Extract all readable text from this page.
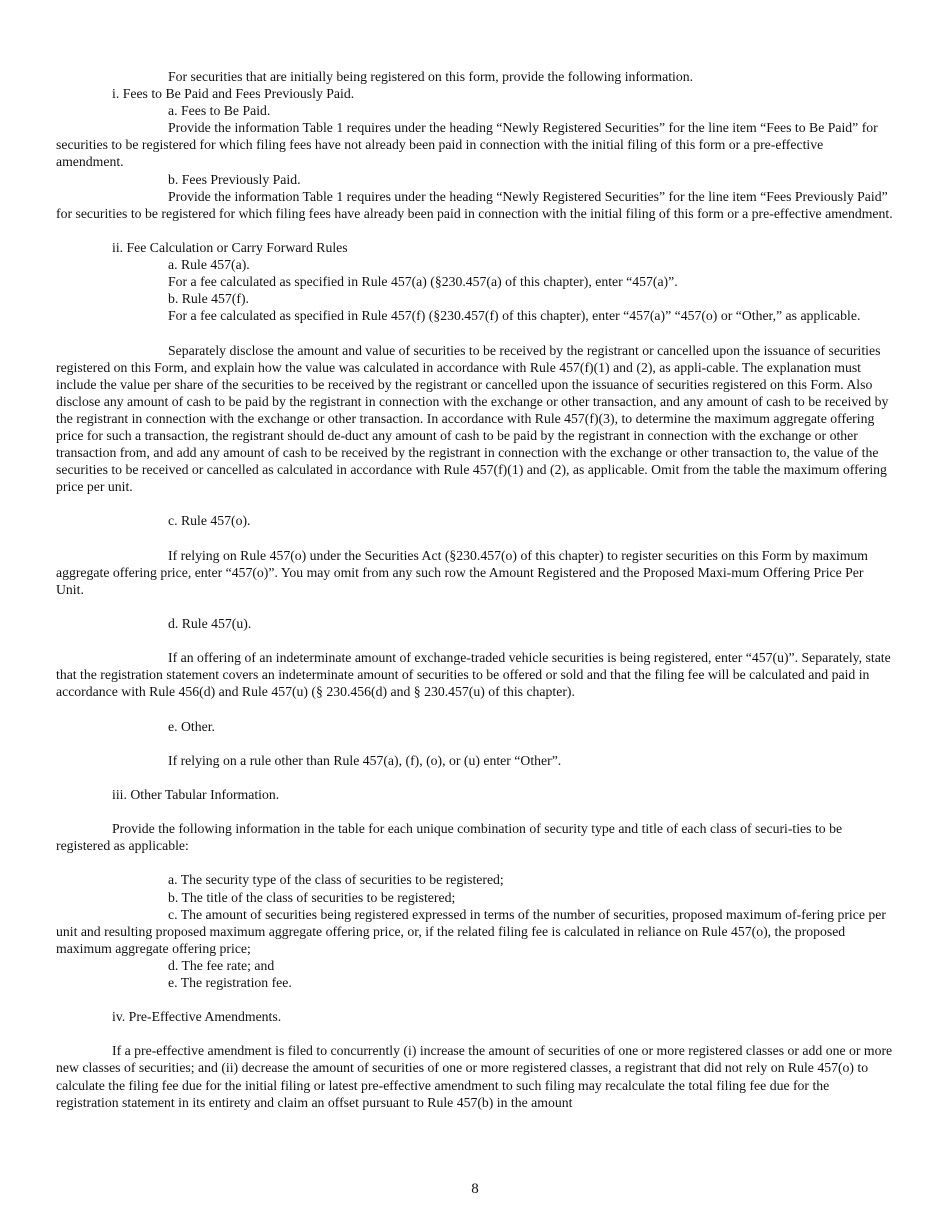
For securities that are initially being registered on this form, provide the following information.

i. Fees to Be Paid and Fees Previously Paid.

a. Fees to Be Paid.

Provide the information Table 1 requires under the heading “Newly Registered Securities” for the line item “Fees to Be Paid” for securities to be registered for which filing fees have not already been paid in connection with the initial filing of this form or a pre-effective amendment.

b. Fees Previously Paid.

Provide the information Table 1 requires under the heading “Newly Registered Securities” for the line item “Fees Previously Paid” for securities to be registered for which filing fees have already been paid in connection with the initial filing of this form or a pre-effective amendment.

ii. Fee Calculation or Carry Forward Rules

a. Rule 457(a).

For a fee calculated as specified in Rule 457(a) (§230.457(a) of this chapter), enter “457(a)”.

b. Rule 457(f).

For a fee calculated as specified in Rule 457(f) (§230.457(f) of this chapter), enter “457(a)” “457(o) or “Other,” as applicable.

Separately disclose the amount and value of securities to be received by the registrant or cancelled upon the issuance of securities registered on this Form, and explain how the value was calculated in accordance with Rule 457(f)(1) and (2), as appli-cable. The explanation must include the value per share of the securities to be received by the registrant or cancelled upon the issuance of securities registered on this Form. Also disclose any amount of cash to be paid by the registrant in connection with the exchange or other transaction, and any amount of cash to be received by the registrant in connection with the exchange or other transaction. In accordance with Rule 457(f)(3), to determine the maximum aggregate offering price for such a transaction, the registrant should de-duct any amount of cash to be paid by the registrant in connection with the exchange or other transaction from, and add any amount of cash to be received by the registrant in connection with the exchange or other transaction to, the value of the securities to be received or cancelled as calculated in accordance with Rule 457(f)(1) and (2), as applicable. Omit from the table the maximum offering price per unit.

c. Rule 457(o).

If relying on Rule 457(o) under the Securities Act (§230.457(o) of this chapter) to register securities on this Form by maximum aggregate offering price, enter “457(o)”. You may omit from any such row the Amount Registered and the Proposed Maxi-mum Offering Price Per Unit.

d. Rule 457(u).

If an offering of an indeterminate amount of exchange-traded vehicle securities is being registered, enter “457(u)”. Separately, state that the registration statement covers an indeterminate amount of securities to be offered or sold and that the filing fee will be calculated and paid in accordance with Rule 456(d) and Rule 457(u) (§ 230.456(d) and § 230.457(u) of this chapter).

e. Other.

If relying on a rule other than Rule 457(a), (f), (o), or (u) enter “Other”.

iii. Other Tabular Information.

Provide the following information in the table for each unique combination of security type and title of each class of securi-ties to be registered as applicable:

a. The security type of the class of securities to be registered;

b. The title of the class of securities to be registered;

c. The amount of securities being registered expressed in terms of the number of securities, proposed maximum of-fering price per unit and resulting proposed maximum aggregate offering price, or, if the related filing fee is calculated in reliance on Rule 457(o), the proposed maximum aggregate offering price;

d. The fee rate; and

e. The registration fee.

iv. Pre-Effective Amendments.

If a pre-effective amendment is filed to concurrently (i) increase the amount of securities of one or more registered classes or add one or more new classes of securities; and (ii) decrease the amount of securities of one or more registered classes, a registrant that did not rely on Rule 457(o) to calculate the filing fee due for the initial filing or latest pre-effective amendment to such filing may recalculate the total filing fee due for the registration statement in its entirety and claim an offset pursuant to Rule 457(b) in the amount

8
